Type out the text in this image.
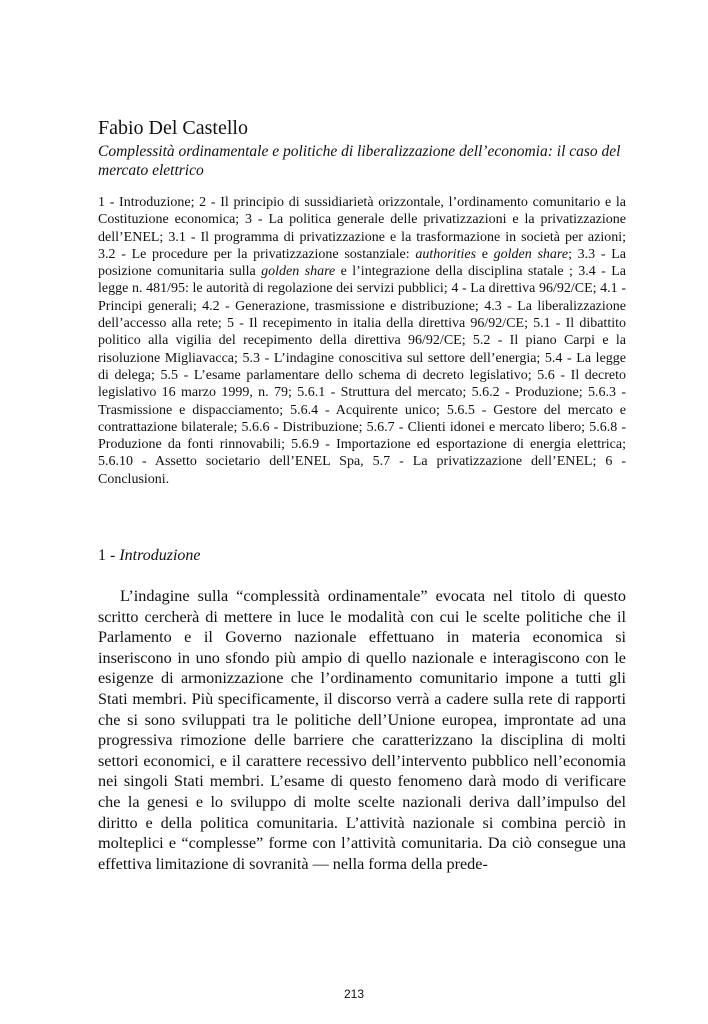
Fabio Del Castello
Complessità ordinamentale e politiche di liberalizzazione dell’economia: il caso del mercato elettrico

1 - Introduzione; 2 - Il principio di sussidiarietà orizzontale, l’ordinamento comunitario e la Costituzione economica; 3 - La politica generale delle privatizzazioni e la privatizzazione dell’ENEL; 3.1 - Il programma di privatizzazione e la trasformazione in società per azioni; 3.2 - Le procedure per la privatizzazione sostanziale: authorities e golden share; 3.3 - La posizione comunitaria sulla golden share e l’integrazione della disciplina statale ; 3.4 - La legge n. 481/95: le autorità di regolazione dei servizi pubblici; 4 - La direttiva 96/92/CE; 4.1 - Principi generali; 4.2 - Generazione, trasmissione e distribuzione; 4.3 - La liberalizzazione dell’accesso alla rete; 5 - Il recepimento in italia della direttiva 96/92/CE; 5.1 - Il dibattito politico alla vigilia del recepimento della direttiva 96/92/CE; 5.2 - Il piano Carpi e la risoluzione Migliavacca; 5.3 - L’indagine conoscitiva sul settore dell’energia; 5.4 - La legge di delega; 5.5 - L’esame parlamentare dello schema di decreto legislativo; 5.6 - Il decreto legislativo 16 marzo 1999, n. 79; 5.6.1 - Struttura del mercato; 5.6.2 - Produzione; 5.6.3 - Trasmissione e dispacciamento; 5.6.4 - Acquirente unico; 5.6.5 - Gestore del mercato e contrattazione bilaterale; 5.6.6 - Distribuzione; 5.6.7 - Clienti idonei e mercato libero; 5.6.8 - Produzione da fonti rinnovabili; 5.6.9 - Importazione ed esportazione di energia elettrica; 5.6.10 - Assetto societario dell’ENEL Spa, 5.7 - La privatizzazione dell’ENEL; 6 - Conclusioni.

1 - Introduzione

L’indagine sulla “complessità ordinamentale” evocata nel titolo di questo scritto cercherà di mettere in luce le modalità con cui le scelte politiche che il Parlamento e il Governo nazionale effettuano in materia economica si inseriscono in uno sfondo più ampio di quello nazionale e interagiscono con le esigenze di armonizzazione che l’ordinamento comunitario impone a tutti gli Stati membri. Più specificamente, il discorso verrà a cadere sulla rete di rapporti che si sono sviluppati tra le politiche dell’Unione europea, improntate ad una progressiva rimozione delle barriere che caratterizzano la disciplina di molti settori economici, e il carattere recessivo dell’intervento pubblico nell’economia nei singoli Stati membri. L’esame di questo fenomeno darà modo di verificare che la genesi e lo sviluppo di molte scelte nazionali deriva dall’impulso del diritto e della politica comunitaria. L’attività nazionale si combina perciò in molteplici e “complesse” forme con l’attività comunitaria. Da ciò consegue una effettiva limitazione di sovranità — nella forma della prede-

213
